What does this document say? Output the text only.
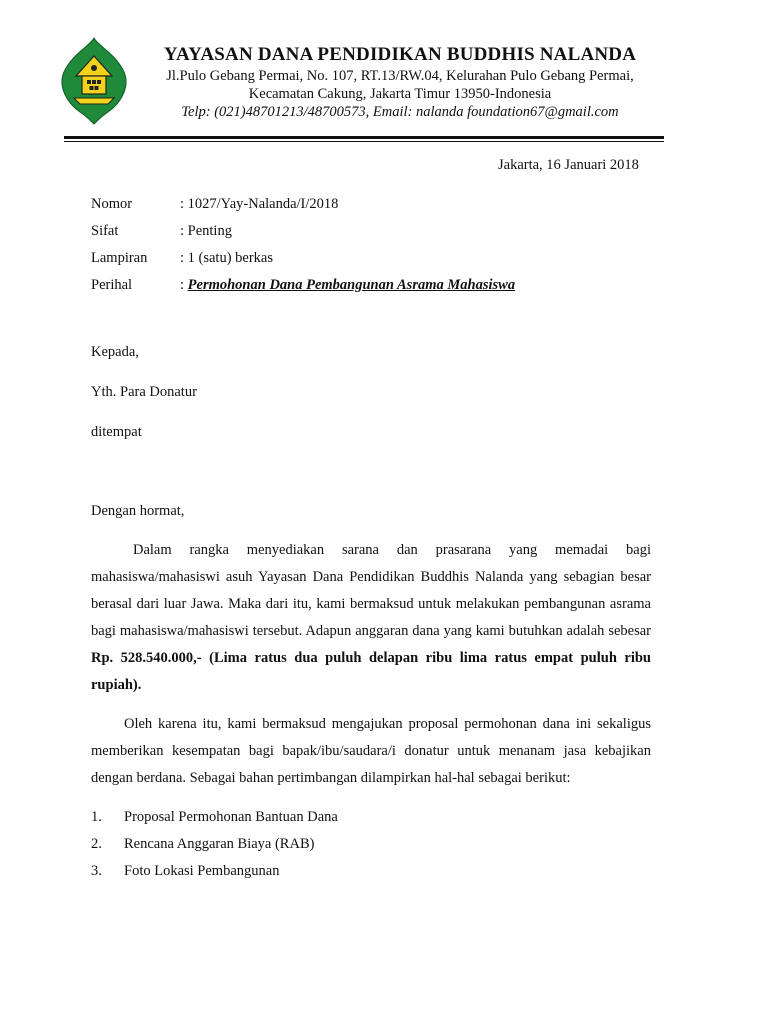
YAYASAN DANA PENDIDIKAN BUDDHIS NALANDA
Jl.Pulo Gebang Permai, No. 107, RT.13/RW.04, Kelurahan Pulo Gebang Permai,
Kecamatan Cakung, Jakarta Timur 13950-Indonesia
Telp: (021)48701213/48700573, Email: nalanda foundation67@gmail.com
Jakarta, 16 Januari 2018
Nomor	: 1027/Yay-Nalanda/I/2018
Sifat	: Penting
Lampiran : 1 (satu) berkas
Perihal	: Permohonan Dana Pembangunan Asrama Mahasiswa
Kepada,
Yth. Para Donatur
ditempat
Dengan hormat,
Dalam rangka menyediakan sarana dan prasarana yang memadai bagi
mahasiswa/mahasiswi asuh Yayasan Dana Pendidikan Buddhis Nalanda yang sebagian besar
berasal dari luar Jawa. Maka dari itu, kami bermaksud untuk melakukan pembangunan asrama
bagi mahasiswa/mahasiswi tersebut. Adapun anggaran dana yang kami butuhkan adalah sebesar
Rp. 528.540.000,- (Lima ratus dua puluh delapan ribu lima ratus empat puluh ribu
rupiah).
Oleh karena itu, kami bermaksud mengajukan proposal permohonan dana ini sekaligus
memberikan kesempatan bagi bapak/ibu/saudara/i donatur untuk menanam jasa kebajikan
dengan berdana. Sebagai bahan pertimbangan dilampirkan hal-hal sebagai berikut:
1. Proposal Permohonan Bantuan Dana
2. Rencana Anggaran Biaya (RAB)
3. Foto Lokasi Pembangunan
